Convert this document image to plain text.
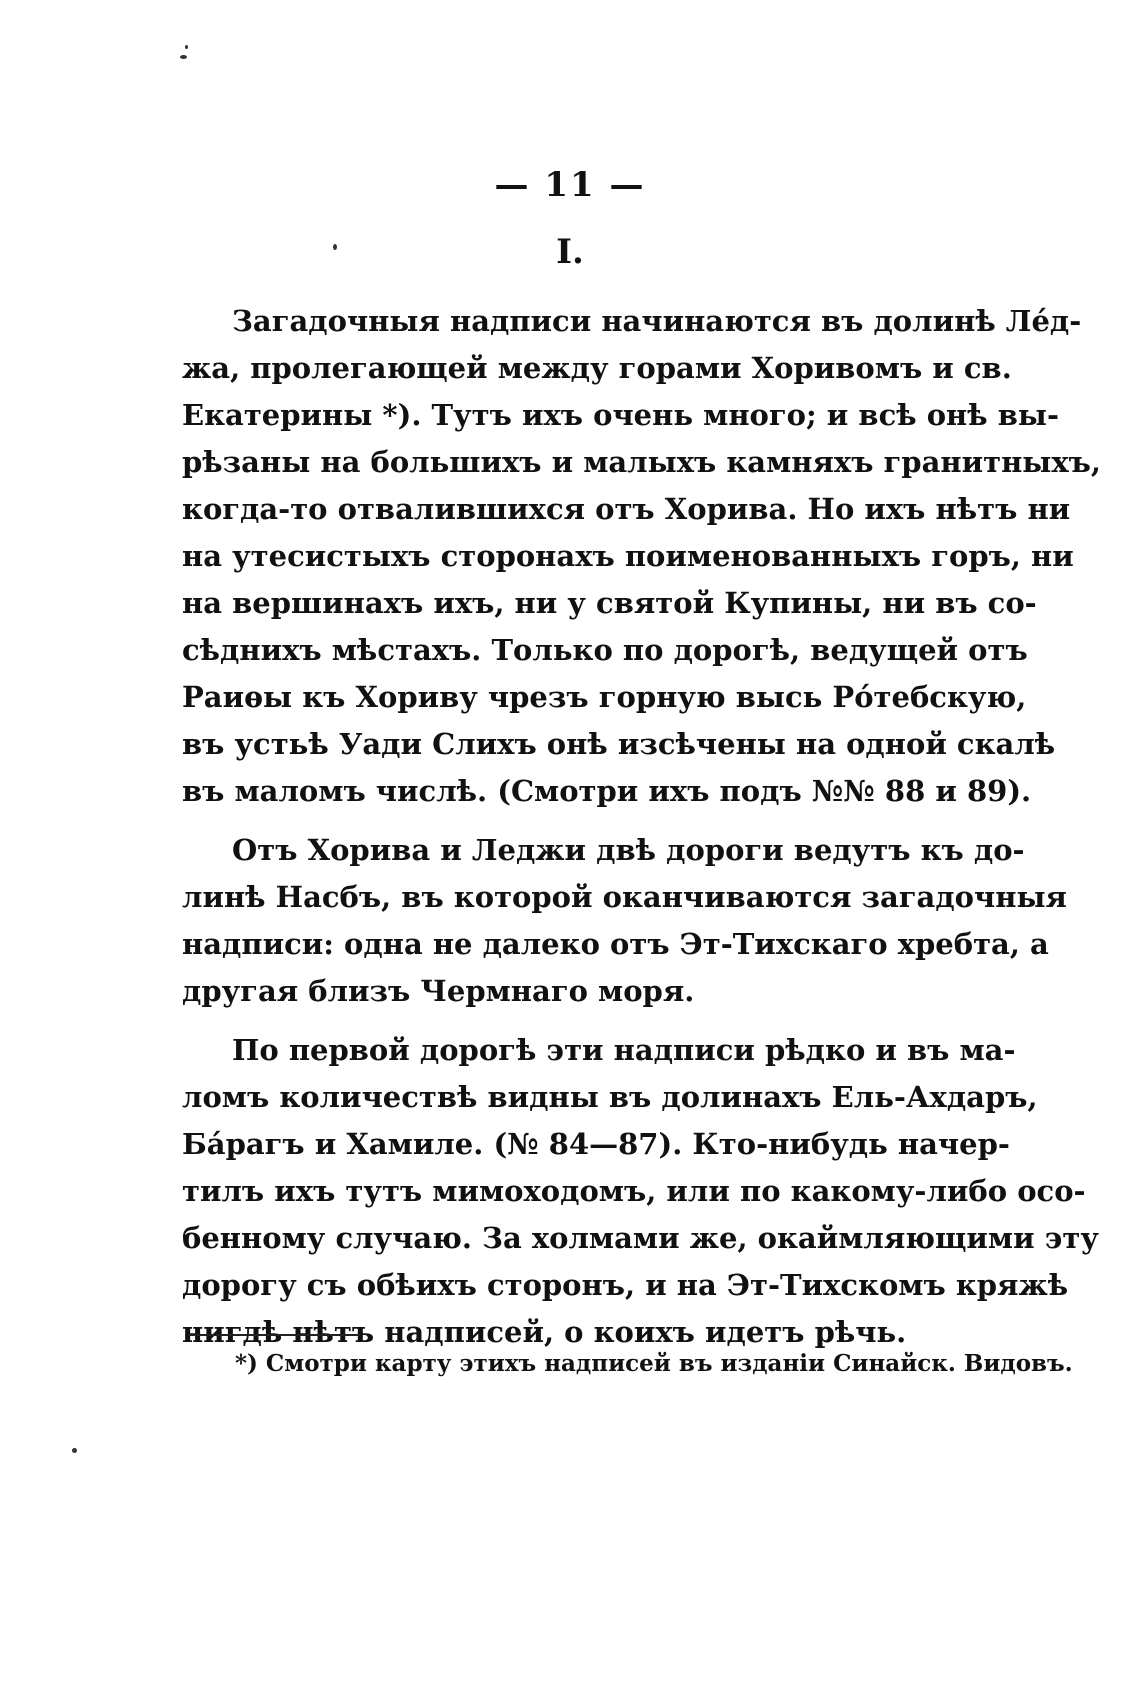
— 11 —
I.
Загадочныя надписи начинаются въ долинѣ Лéд-
жа, пролегающей между горами Хоривомъ и св.
Екатерины *). Тутъ ихъ очень много; и всѣ онѣ вы-
рѣзаны на большихъ и малыхъ камняхъ гранитныхъ,
когда-то отвалившихся отъ Хорива. Но ихъ нѣтъ ни
на утесистыхъ сторонахъ поименованныхъ горъ, ни
на вершинахъ ихъ, ни у святой Купины, ни въ со-
сѣднихъ мѣстахъ. Только по дорогѣ, ведущей отъ
Раиѳы къ Хориву чрезъ горную высь Рóтебскую,
въ устьѣ Уади Слихъ онѣ изсѣчены на одной скалѣ
въ маломъ числѣ. (Смотри ихъ подъ №№ 88 и 89).
Отъ Хорива и Леджи двѣ дороги ведутъ къ до-
линѣ Насбъ, въ которой оканчиваются загадочныя
надписи: одна не далеко отъ Эт-Тихскаго хребта, а
другая близъ Чермнаго моря.
По первой дорогѣ эти надписи рѣдко и въ ма-
ломъ количествѣ видны въ долинахъ Ель-Ахдаръ,
Бáрагъ и Хамиле. (№ 84—87). Кто-нибудь начер-
тилъ ихъ тутъ мимоходомъ, или по какому-либо осо-
бенному случаю. За холмами же, окаймляющими эту
дорогу съ обѣихъ сторонъ, и на Эт-Тихскомъ кряжѣ
нигдѣ нѣтъ надписей, о коихъ идетъ рѣчь.
*) Смотри карту этихъ надписей въ изданіи Синайск. Видовъ.
